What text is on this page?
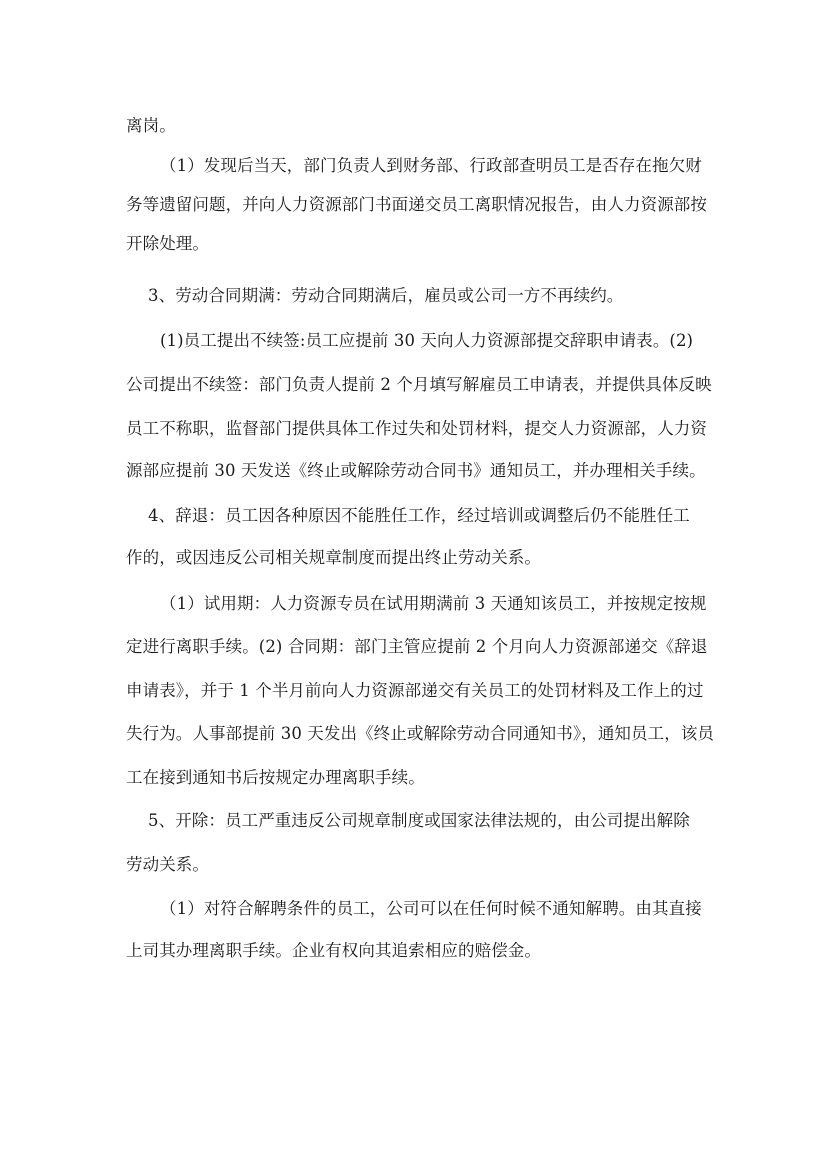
离岗。
（1）发现后当天，部门负责人到财务部、行政部查明员工是否存在拖欠财
务等遗留问题，并向人力资源部门书面递交员工离职情况报告，由人力资源部按
开除处理。
3、劳动合同期满：劳动合同期满后，雇员或公司一方不再续约。
(1)员工提出不续签:员工应提前 30 天向人力资源部提交辞职申请表。(2)
公司提出不续签：部门负责人提前 2 个月填写解雇员工申请表，并提供具体反映
员工不称职，监督部门提供具体工作过失和处罚材料，提交人力资源部，人力资
源部应提前 30 天发送《终止或解除劳动合同书》通知员工，并办理相关手续。
4、辞退：员工因各种原因不能胜任工作，经过培训或调整后仍不能胜任工
作的，或因违反公司相关规章制度而提出终止劳动关系。
（1）试用期：人力资源专员在试用期满前 3 天通知该员工，并按规定按规
定进行离职手续。(2) 合同期：部门主管应提前 2 个月向人力资源部递交《辞退
申请表》，并于 1 个半月前向人力资源部递交有关员工的处罚材料及工作上的过
失行为。人事部提前 30 天发出《终止或解除劳动合同通知书》，通知员工，该员
工在接到通知书后按规定办理离职手续。
5、开除：员工严重违反公司规章制度或国家法律法规的，由公司提出解除
劳动关系。
（1）对符合解聘条件的员工，公司可以在任何时候不通知解聘。由其直接
上司其办理离职手续。企业有权向其追索相应的赔偿金。
